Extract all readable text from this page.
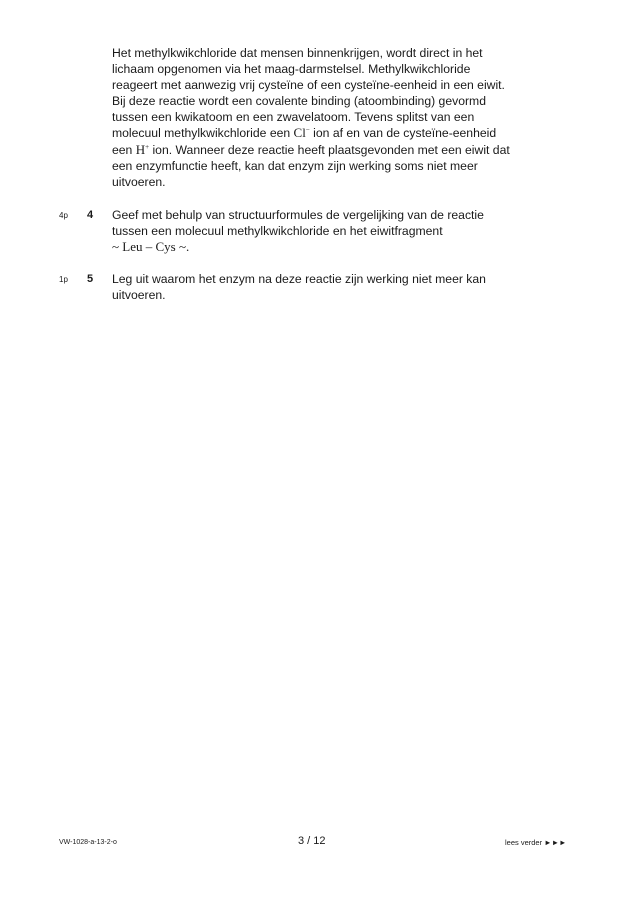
Het methylkwikchloride dat mensen binnenkrijgen, wordt direct in het
lichaam opgenomen via het maag-darmstelsel. Methylkwikchloride
reageert met aanwezig vrij cysteïne of een cysteïne-eenheid in een eiwit.
Bij deze reactie wordt een covalente binding (atoombinding) gevormd
tussen een kwikatoom en een zwavelatoom. Tevens splitst van een
molecuul methylkwikchloride een Cl− ion af en van de cysteïne-eenheid
een H+ ion. Wanneer deze reactie heeft plaatsgevonden met een eiwit dat
een enzymfunctie heeft, kan dat enzym zijn werking soms niet meer
uitvoeren.
4p 4 Geef met behulp van structuurformules de vergelijking van de reactie
tussen een molecuul methylkwikchloride en het eiwitfragment
~ Leu – Cys ~.
1p 5 Leg uit waarom het enzym na deze reactie zijn werking niet meer kan
uitvoeren.
VW-1028-a-13-2-o	3 / 12	lees verder ►►►
